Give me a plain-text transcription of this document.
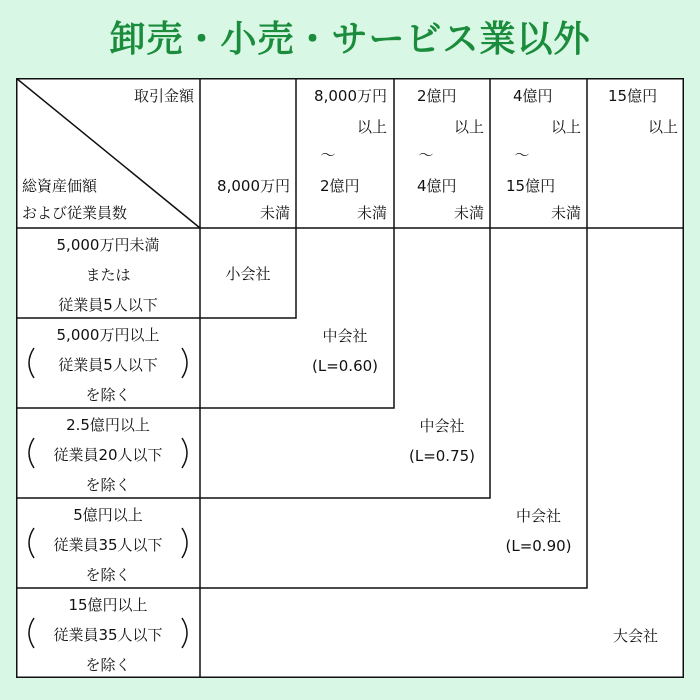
卸売・小売・サービス業以外
取引金額
総資産価額
および従業員数
8,000万円
未満
8,000万円
以上
～
2億円
未満
2億円
以上
～
4億円
未満
4億円
以上
～
15億円
未満
15億円
以上
5,000万円未満
または
従業員5人以下
5,000万円以上
従業員5人以下
を除く
2.5億円以上
従業員20人以下
を除く
5億円以上
従業員35人以下
を除く
15億円以上
従業員35人以下
を除く
小会社
中会社
(L=0.60)
中会社
(L=0.75)
中会社
(L=0.90)
大会社
